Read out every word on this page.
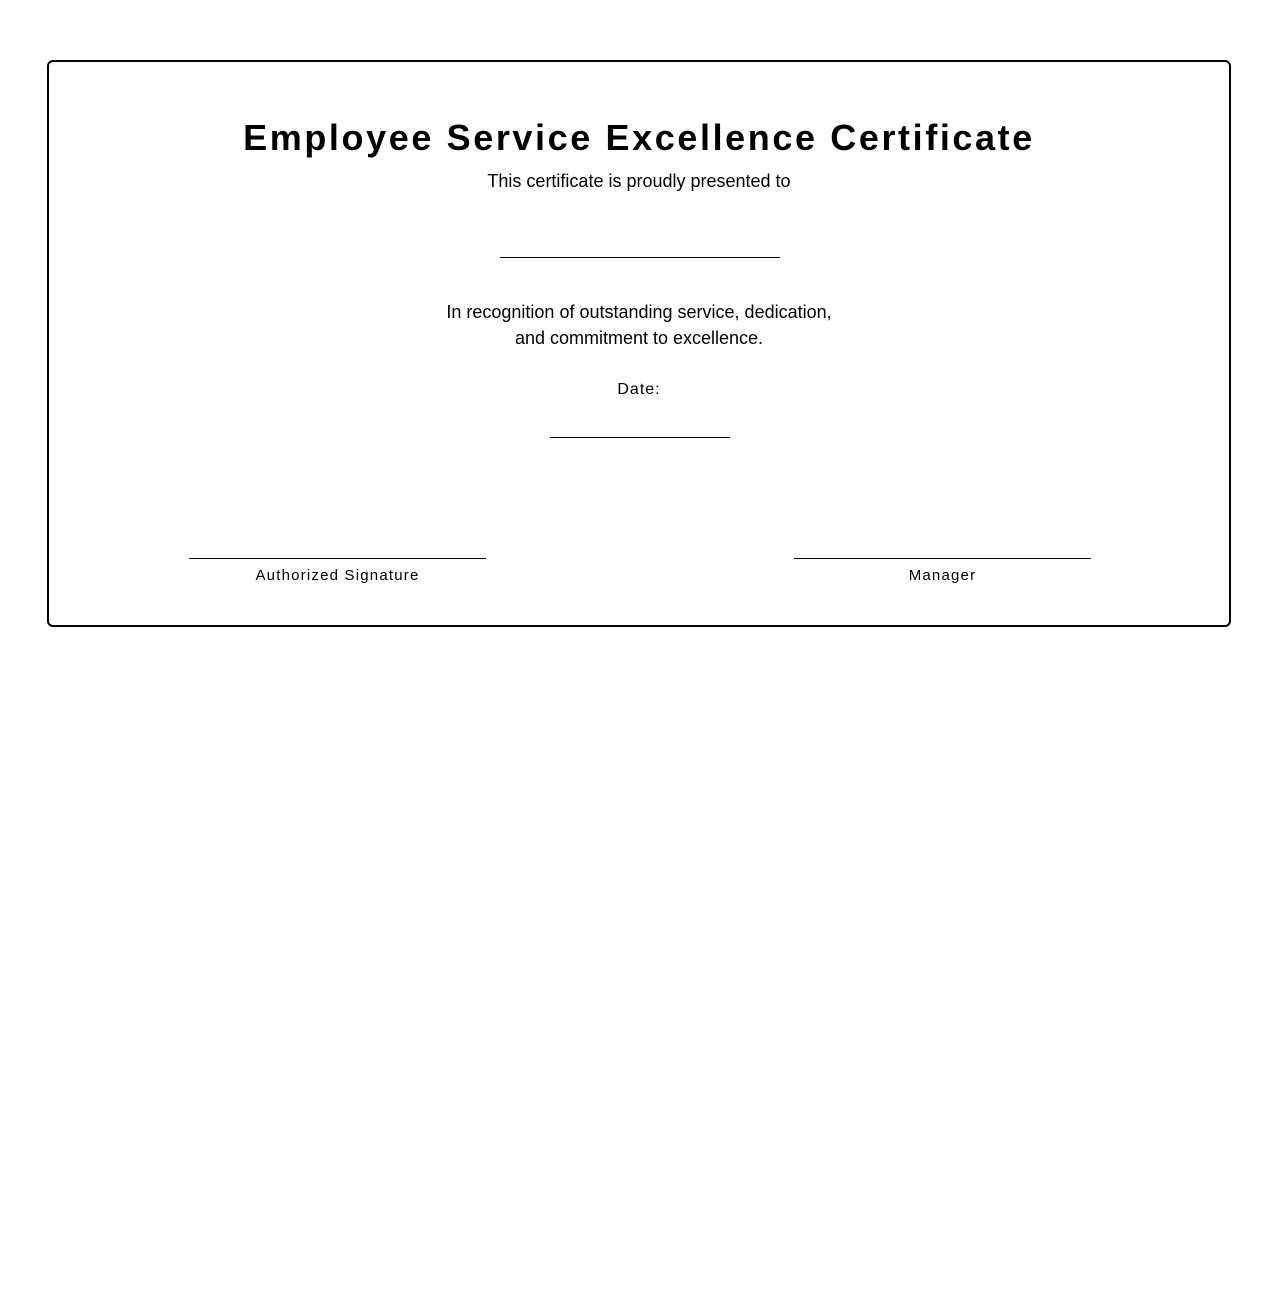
Employee Service Excellence Certificate
This certificate is proudly presented to
In recognition of outstanding service, dedication,
and commitment to excellence.
Date:
Authorized Signature	Manager
